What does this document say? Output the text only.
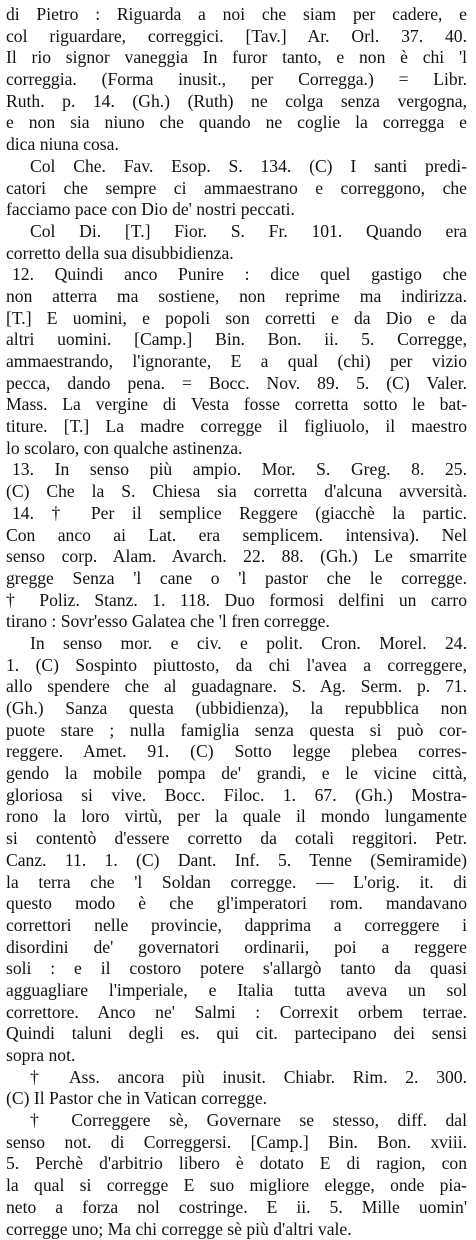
di Pietro : Riguarda a noi che siam per cadere, e
col riguardare, correggici. [Tav.] Ar. Orl. 37. 40.
Il rio signor vaneggia In furor tanto, e non è chi 'l
correggia. (Forma inusit., per Corregga.) = Libr.
Ruth. p. 14. (Gh.) (Ruth) ne colga senza vergogna,
e non sia niuno che quando ne coglie la corregga e
dica niuna cosa.
Col Che. Fav. Esop. S. 134. (C) I santi predi-
catori che sempre ci ammaestrano e correggono, che
facciamo pace con Dio de' nostri peccati.
Col Di. [T.] Fior. S. Fr. 101. Quando era
corretto della sua disubbidienza.
12. Quindi anco Punire : dice quel gastigo che
non atterra ma sostiene, non reprime ma indirizza.
[T.] E uomini, e popoli son corretti e da Dio e da
altri uomini. [Camp.] Bin. Bon. ii. 5. Corregge,
ammaestrando, l'ignorante, E a qual (chi) per vizio
pecca, dando pena. = Bocc. Nov. 89. 5. (C) Valer.
Mass. La vergine di Vesta fosse corretta sotto le bat-
titure. [T.] La madre corregge il figliuolo, il maestro
lo scolaro, con qualche astinenza.
13. In senso più ampio. Mor. S. Greg. 8. 25.
(C) Che la S. Chiesa sia corretta d'alcuna avversità.
14. † Per il semplice Reggere (giacchè la partic.
Con anco ai Lat. era semplicem. intensiva). Nel
senso corp. Alam. Avarch. 22. 88. (Gh.) Le smarrite
gregge Senza 'l cane o 'l pastor che le corregge.
† Poliz. Stanz. 1. 118. Duo formosi delfini un carro
tirano : Sovr'esso Galatea che 'l fren corregge.
In senso mor. e civ. e polit. Cron. Morel. 24.
1. (C) Sospinto piuttosto, da chi l'avea a correggere,
allo spendere che al guadagnare. S. Ag. Serm. p. 71.
(Gh.) Sanza questa (ubbidienza), la repubblica non
puote stare ; nulla famiglia senza questa si può cor-
reggere. Amet. 91. (C) Sotto legge plebea corres-
gendo la mobile pompa de' grandi, e le vicine città,
gloriosa si vive. Bocc. Filoc. 1. 67. (Gh.) Mostra-
rono la loro virtù, per la quale il mondo lungamente
si contentò d'essere corretto da cotali reggitori. Petr.
Canz. 11. 1. (C) Dant. Inf. 5. Tenne (Semiramide)
la terra che 'l Soldan corregge. — L'orig. it. di
questo modo è che gl'imperatori rom. mandavano
correttori nelle provincie, dapprima a correggere i
disordini de' governatori ordinarii, poi a reggere
soli : e il costoro potere s'allargò tanto da quasi
agguagliare l'imperiale, e Italia tutta aveva un sol
correttore. Anco ne' Salmi : Correxit orbem terrae.
Quindi taluni degli es. qui cit. partecipano dei sensi
sopra not.
† Ass. ancora più inusit. Chiabr. Rim. 2. 300.
(C) Il Pastor che in Vatican corregge.
† Correggere sè, Governare se stesso, diff. dal
senso not. di Correggersi. [Camp.] Bin. Bon. xviii.
5. Perchè d'arbitrio libero è dotato E di ragion, con
la qual si corregge E suo migliore elegge, onde pia-
neto a forza nol costringe. E ii. 5. Mille uomin'
corregge uno; Ma chi corregge sè più d'altri vale.
